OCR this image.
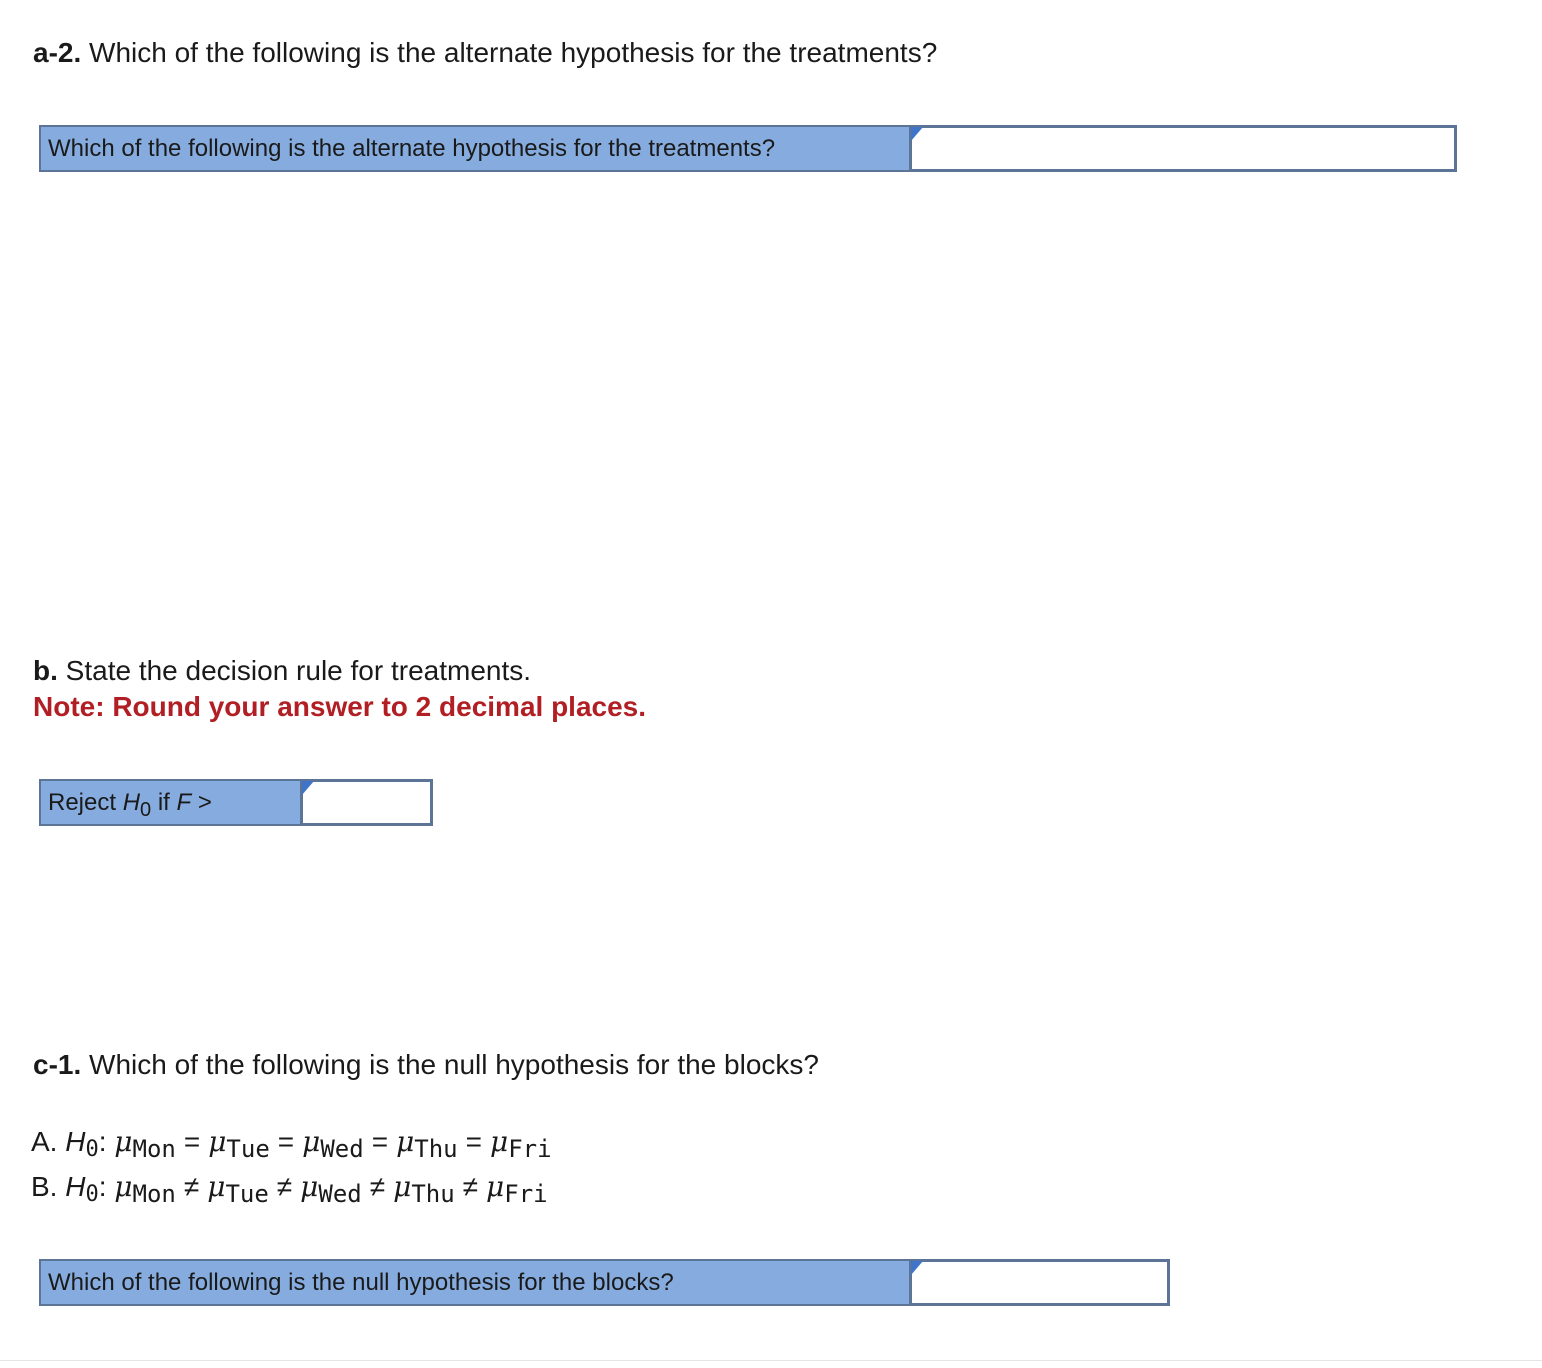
a-2. Which of the following is the alternate hypothesis for the treatments?
Which of the following is the alternate hypothesis for the treatments?
b. State the decision rule for treatments.
Note: Round your answer to 2 decimal places.
Reject $H_0$ if F >
c-1. Which of the following is the null hypothesis for the blocks?
A. H0: μMon = μTue = μWed = μThu = μFri
B. H0: μMon ≠ μTue ≠ μWed ≠ μThu ≠ μFri
Which of the following is the null hypothesis for the blocks?
